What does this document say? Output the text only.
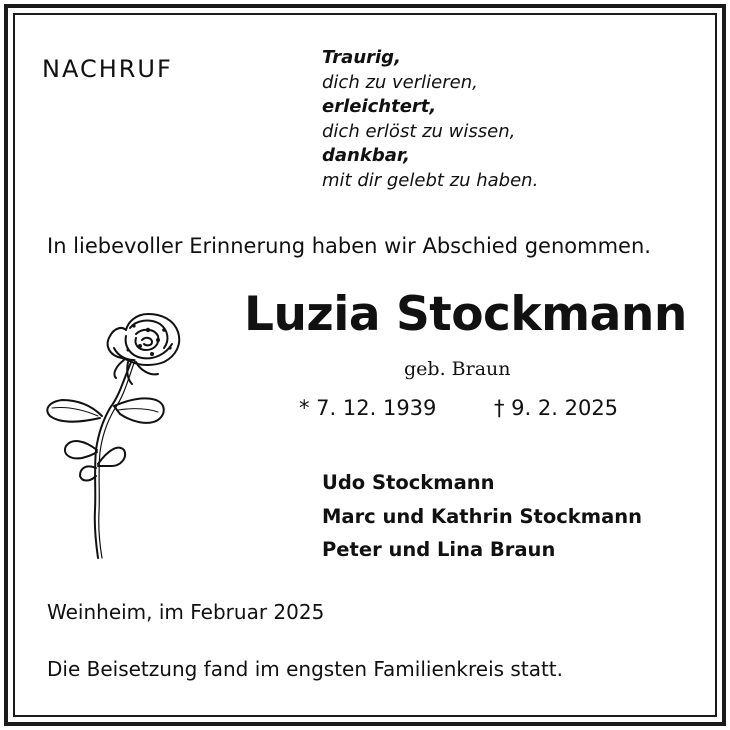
NACHRUF	Traurig,
dich zu verlieren,
erleichtert,
dich erlöst zu wissen,
dankbar,
mit dir gelebt zu haben.
In liebevoller Erinnerung haben wir Abschied genommen.
Luzia Stockmann
geb. Braun
* 7. 12. 1939	† 9. 2. 2025
Udo Stockmann
Marc und Kathrin Stockmann
Peter und Lina Braun
Weinheim, im Februar 2025
Die Beisetzung fand im engsten Familienkreis statt.
